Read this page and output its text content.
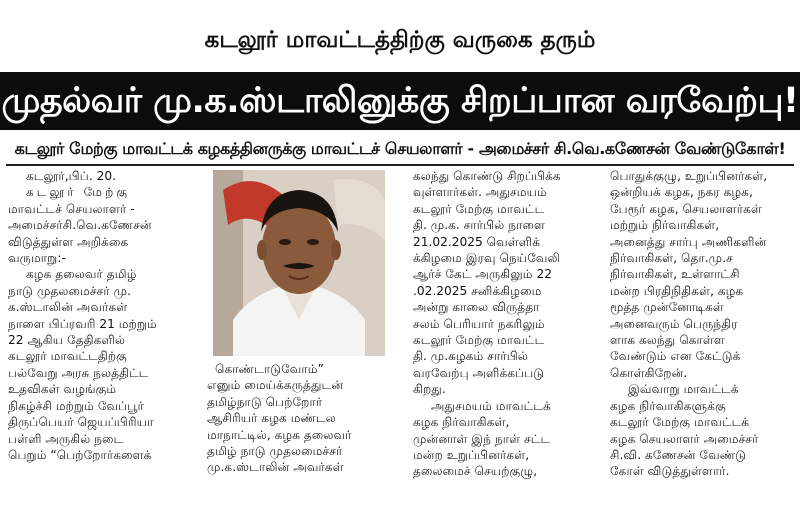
கடலூர் மாவட்டத்திற்கு வருகை தரும்
முதல்வர் மு.க.ஸ்டாலினுக்கு சிறப்பான வரவேற்பு!
கடலூர் மேற்கு மாவட்டக் கழகத்தினருக்கு மாவட்டச் செயலாளர் - அமைச்சர் சி.வெ.கணேசன் வேண்டுகோள்!

கடலூர்,பிப். 20.

கடலூர் மேற்கு

மாவட்டச் செயலாளர் -

அமைச்சர்சி.வெ.கணேசன்

விடுத்துள்ள அறிக்கை

வருமாறு:-

கழக தலைவர் தமிழ்

நாடு முதலமைச்சர் மு.

க.ஸ்டாலின் அவர்கள்

நாளை பிப்ரவரி 21 மற்றும்

22 ஆகிய தேதிகளில்

கடலூர் மாவட்டதிற்கு

பல்வேறு அரசு நலத்திட்ட

உதவிகள் வழங்கும்

நிகழ்ச்சி மற்றும் வேப்பூர்

திருப்பெயர் ஜெயப்பிரியா

பள்ளி அருகில் நடை

பெறும் “பெற்றோர்களைக்

கொண்டாடுவோம்”

எனும் மைய்க்கருத்துடன்

தமிழ்நாடு பெற்றோர்

ஆசிரியர் கழக மண்டல

மாநாட்டில், கழக தலைவர்

தமிழ் நாடு முதலமைச்சர்

மு.க.ஸ்டாலின் அவர்கள்

கலந்து கொண்டு சிறப்பிக்க

வுள்ளார்கள். அதுசமயம்

கடலூர் மேற்கு மாவட்ட

தி. மு.க. சார்பில் நாளை

21.02.2025 வெள்ளிக்

க்கிழமை இரவு நெய்வேலி

ஆர்ச் கேட் அருகிலும் 22

.02.2025 சனிக்கிழமை

அன்று காலை விருத்தா

சலம் பெரியார் நகரிலும்

கடலூர் மேற்கு மாவட்ட

தி. மு.கழகம் சார்பில்

வரவேற்பு அளிக்கப்படு

கிறது.

அதுசமயம் மாவட்டக்

கழக நிர்வாகிகள்,

முன்னாள் இந் நாள் சட்ட

மன்ற உறுப்பினர்கள்,

தலைமைச் செயற்குழு,

பொதுக்குழு, உறுப்பினர்கள்,

ஒன்றியக் கழக, நகர கழக,

பேரூர் கழக, செயலாளர்கள்

மற்றும் நிர்வாகிகள்,

அனைத்து சார்பு அணிகளின்

நிர்வாகிகள், தொ.மு.ச

நிர்வாகிகள், உள்ளாட்சி

மன்ற பிரதிநிதிகள், கழக

மூத்த முன்னோடிகள்

அனைவரும் பெருந்திர

ளாக கலந்து கொள்ள

வேண்டும் என கேட்டுக்

கொள்கிறேன்.

இவ்வாறு மாவட்டக்

கழக நிர்வாகிகளுக்கு

கடலூர் மேற்கு மாவட்டக்

கழக செயலாளர் அமைச்சர்

சி.வி. கணேசன் வேண்டு

கோள் விடுத்துள்ளார்.
